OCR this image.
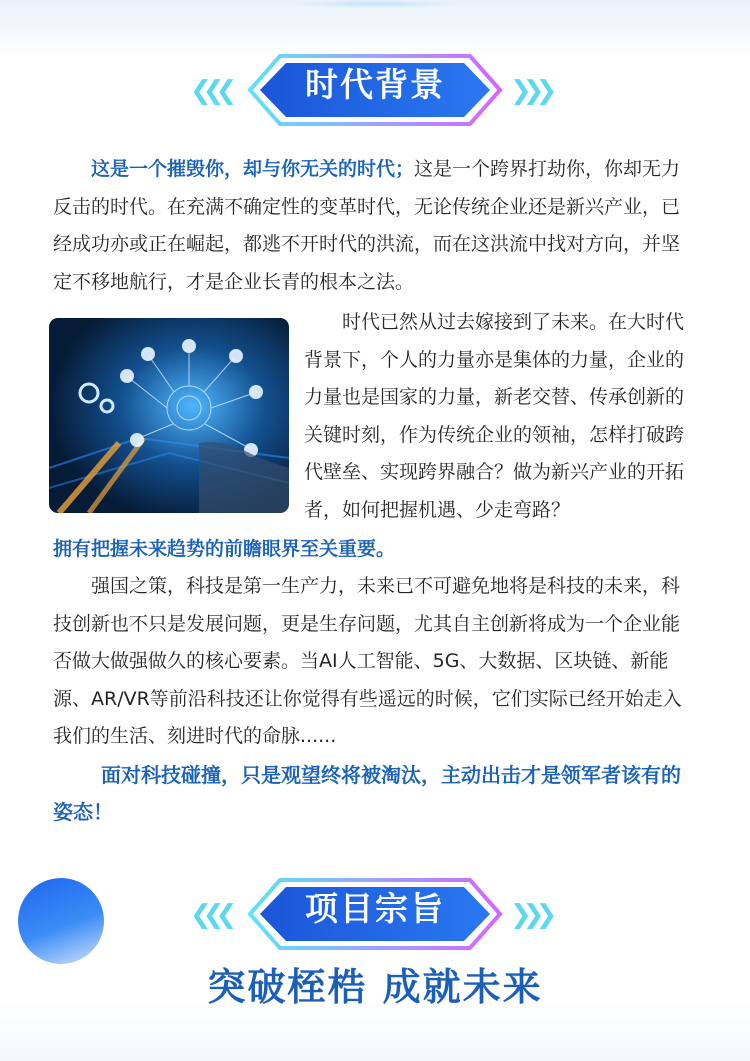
❮❮❮	时代背景	❯❯❯

这是一个摧毁你，却与你无关的时代；这是一个跨界打劫你，你却无力反击的时代。在充满不确定性的变革时代，无论传统企业还是新兴产业，已经成功亦或正在崛起，都逃不开时代的洪流，而在这洪流中找对方向，并坚定不移地航行，才是企业长青的根本之法。

时代已然从过去嫁接到了未来。在大时代背景下，个人的力量亦是集体的力量，企业的力量也是国家的力量，新老交替、传承创新的关键时刻，作为传统企业的领袖，怎样打破跨代壁垒、实现跨界融合？做为新兴产业的开拓者，如何把握机遇、少走弯路？

拥有把握未来趋势的前瞻眼界至关重要。

强国之策，科技是第一生产力，未来已不可避免地将是科技的未来，科技创新也不只是发展问题，更是生存问题，尤其自主创新将成为一个企业能否做大做强做久的核心要素。当AI人工智能、5G、大数据、区块链、新能源、AR/VR等前沿科技还让你觉得有些遥远的时候，它们实际已经开始走入我们的生活、刻进时代的命脉......

面对科技碰撞，只是观望终将被淘汰，主动出击才是领军者该有的姿态！

❮❮❮	项目宗旨	❯❯❯
突破桎梏 成就未来
